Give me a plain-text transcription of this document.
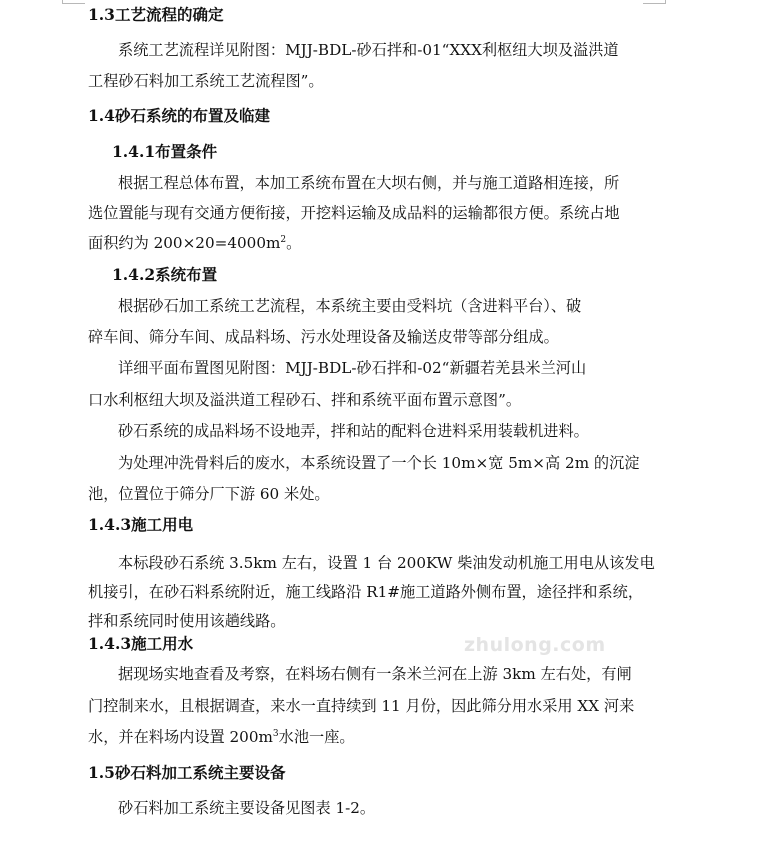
1.3工艺流程的确定
系统工艺流程详见附图：MJJ-BDL-砂石拌和-01“XXX利枢纽大坝及溢洪道
工程砂石料加工系统工艺流程图”。
1.4砂石系统的布置及临建
1.4.1布置条件
根据工程总体布置，本加工系统布置在大坝右侧，并与施工道路相连接，所
选位置能与现有交通方便衔接，开挖料运输及成品料的运输都很方便。系统占地
面积约为 $200\times 20=4000m^2$。
1.4.2系统布置
根据砂石加工系统工艺流程，本系统主要由受料坑（含进料平台）、破
碎车间、筛分车间、成品料场、污水处理设备及输送皮带等部分组成。
详细平面布置图见附图：MJJ-BDL-砂石拌和-02“新疆若羌县米兰河山
口水利枢纽大坝及溢洪道工程砂石、拌和系统平面布置示意图”。
砂石系统的成品料场不设地弄，拌和站的配料仓进料采用装载机进料。
为处理冲洗骨料后的废水，本系统设置了一个长 10m×宽 5m×高 2m 的沉淀
池，位置位于筛分厂下游 60 米处。
1.4.3施工用电
本标段砂石系统 3.5km 左右，设置 1 台 200KW 柴油发动机施工用电从该发电
机接引，在砂石料系统附近，施工线路沿 R1#施工道路外侧布置，途径拌和系统，
拌和系统同时使用该趟线路。
1.4.3施工用水	zhulong.com
据现场实地查看及考察，在料场右侧有一条米兰河在上游 3km 左右处，有闸
门控制来水，且根据调查，来水一直持续到 11 月份，因此筛分用水采用 XX 河来
水，并在料场内设置 $200m^3$水池一座。
1.5砂石料加工系统主要设备
砂石料加工系统主要设备见图表 1-2。
